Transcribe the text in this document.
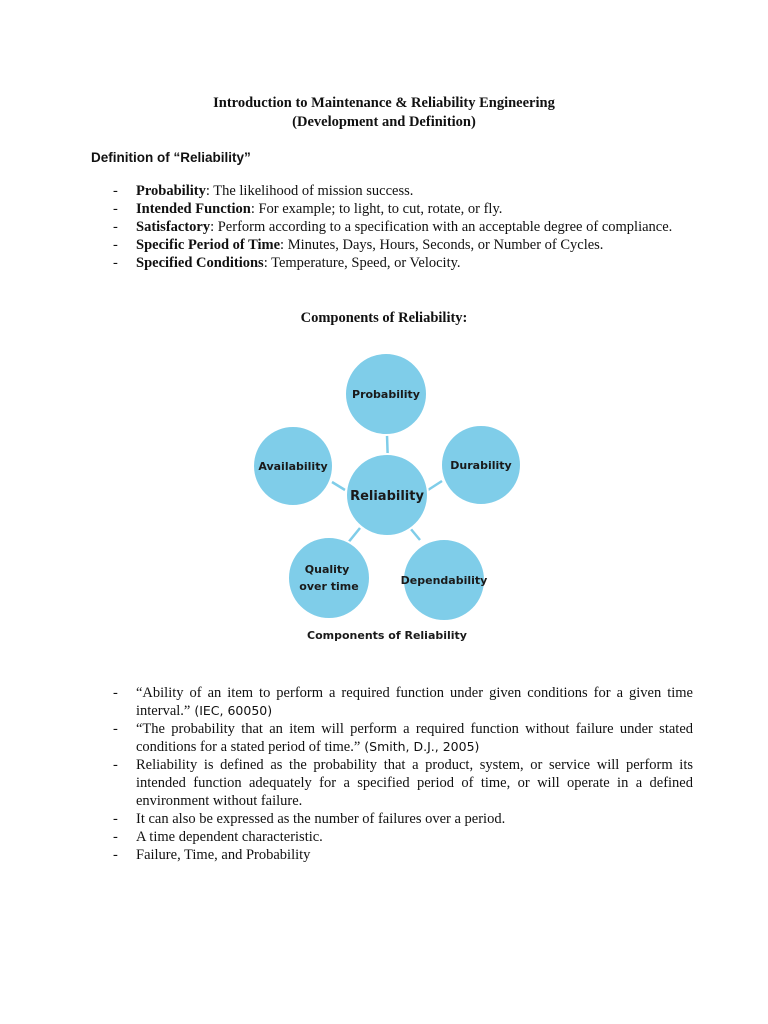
Introduction to Maintenance & Reliability Engineering
(Development and Definition)
Definition of “Reliability”
- Probability: The likelihood of mission success.
- Intended Function: For example; to light, to cut, rotate, or fly.
- Satisfactory: Perform according to a specification with an acceptable degree of compliance.
- Specific Period of Time: Minutes, Days, Hours, Seconds, or Number of Cycles.
- Specified Conditions: Temperature, Speed, or Velocity.
Components of Reliability:
Probability
Durability
Dependability
Quality over time
Availability
Reliability
Components of Reliability
- “Ability of an item to perform a required function under given conditions for a given time interval.” (IEC, 60050)
- “The probability that an item will perform a required function without failure under stated conditions for a stated period of time.” (Smith, D.J., 2005)
- Reliability is defined as the probability that a product, system, or service will perform its intended function adequately for a specified period of time, or will operate in a defined environment without failure.
- It can also be expressed as the number of failures over a period.
- A time dependent characteristic.
- Failure, Time, and Probability
